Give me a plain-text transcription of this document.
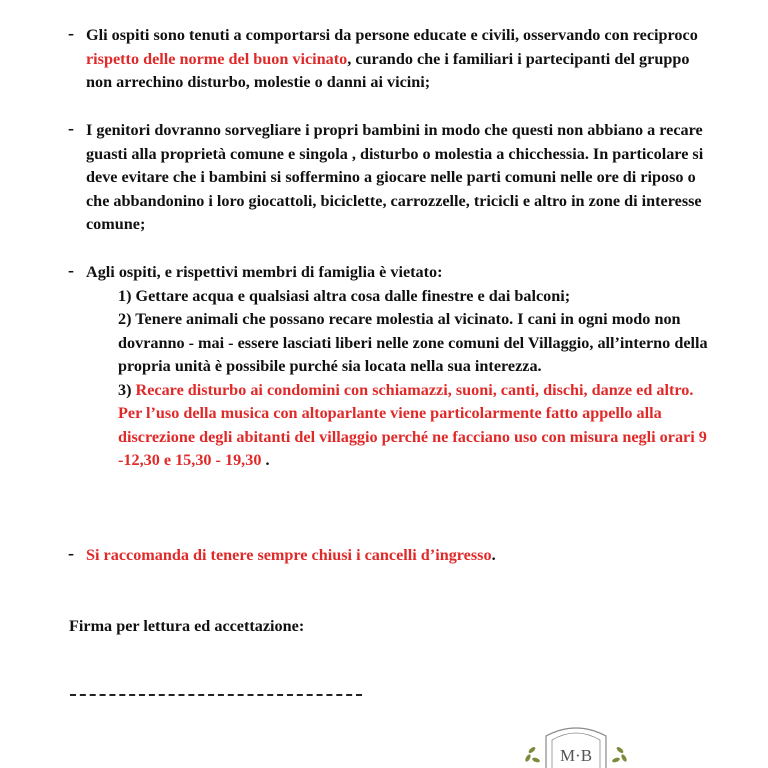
- Gli ospiti sono tenuti a comportarsi da persone educate e civili, osservando con reciproco rispetto delle norme del buon vicinato, curando che i familiari i partecipanti del gruppo non arrechino disturbo, molestie o danni ai vicini;
- I genitori dovranno sorvegliare i propri bambini in modo che questi non abbiano a recare guasti alla proprietà comune e singola , disturbo o molestia a chicchessia. In particolare si deve evitare che i bambini si soffermino a giocare nelle parti comuni nelle ore di riposo o che abbandonino i loro giocattoli, biciclette, carrozzelle, tricicli e altro in zone di interesse comune;
- Agli ospiti, e rispettivi membri di famiglia è vietato:
1) Gettare acqua e qualsiasi altra cosa dalle finestre e dai balconi;
2) Tenere animali che possano recare molestia al vicinato. I cani in ogni modo non dovranno - mai - essere lasciati liberi nelle zone comuni del Villaggio, all’interno della propria unità è possibile purché sia locata nella sua interezza.
3) Recare disturbo ai condomini con schiamazzi, suoni, canti, dischi, danze ed altro. Per l’uso della musica con altoparlante viene particolarmente fatto appello alla discrezione degli abitanti del villaggio perché ne facciano uso con misura negli orari 9 -12,30 e 15,30 - 19,30 .
- Si raccomanda di tenere sempre chiusi i cancelli d’ingresso.
Firma per lettura ed accettazione:
M·B
